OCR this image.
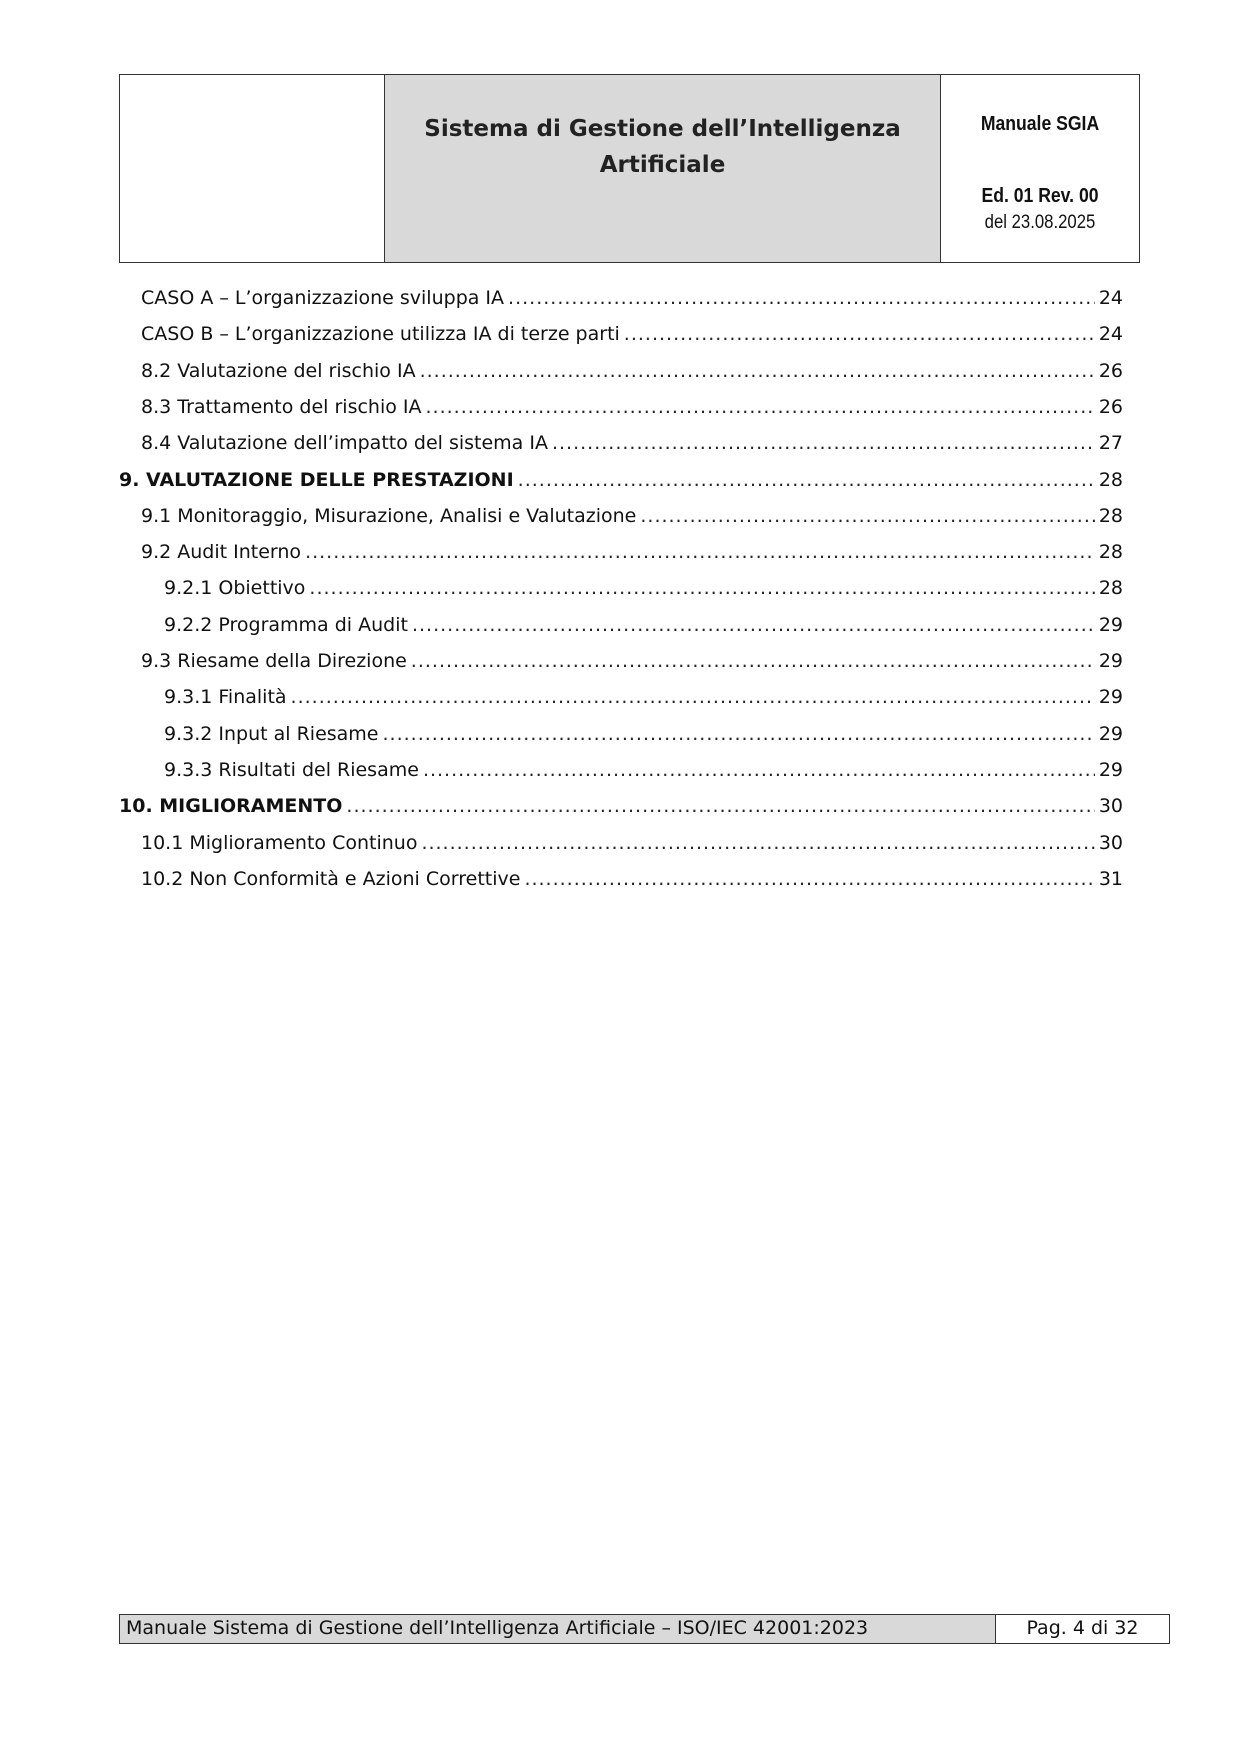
Sistema di Gestione dell’Intelligenza Artificiale
Manuale SGIA
Ed. 01 Rev. 00
del 23.08.2025
CASO A – L’organizzazione sviluppa IA .....	24
CASO B – L’organizzazione utilizza IA di terze parti .....	24
8.2 Valutazione del rischio IA .....	26
8.3 Trattamento del rischio IA .....	26
8.4 Valutazione dell’impatto del sistema IA .....	27
9. VALUTAZIONE DELLE PRESTAZIONI .....	28
9.1 Monitoraggio, Misurazione, Analisi e Valutazione .....	28
9.2 Audit Interno .....	28
9.2.1 Obiettivo .....	28
9.2.2 Programma di Audit .....	29
9.3 Riesame della Direzione .....	29
9.3.1 Finalità .....	29
9.3.2 Input al Riesame .....	29
9.3.3 Risultati del Riesame .....	29
10. MIGLIORAMENTO .....	30
10.1 Miglioramento Continuo .....	30
10.2 Non Conformità e Azioni Correttive .....	31
Manuale Sistema di Gestione dell’Intelligenza Artificiale – ISO/IEC 42001:2023	Pag. 4 di 32
